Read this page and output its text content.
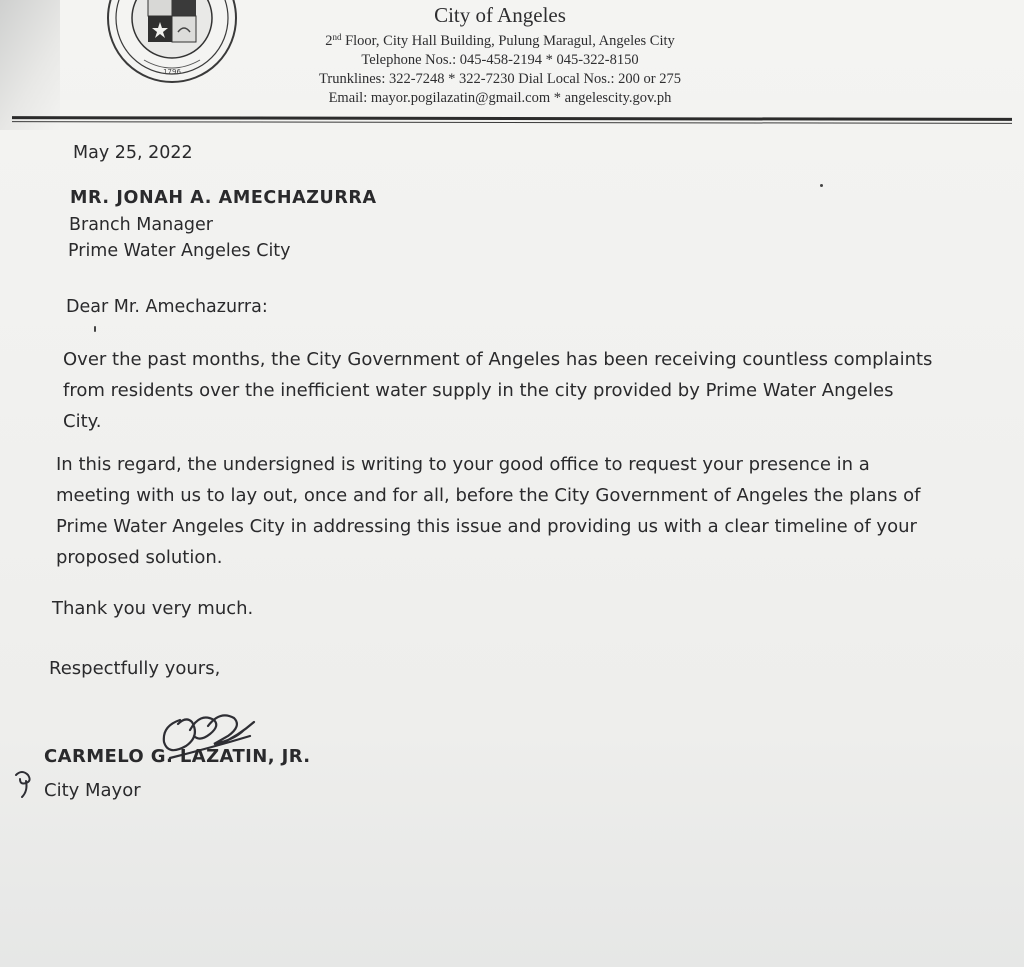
1796
City of Angeles
2nd Floor, City Hall Building, Pulung Maragul, Angeles City
Telephone Nos.: 045-458-2194 * 045-322-8150
Trunklines: 322-7248 * 322-7230 Dial Local Nos.: 200 or 275
Email: mayor.pogilazatin@gmail.com * angelescity.gov.ph
May 25, 2022
MR. JONAH A. AMECHAZURRA
Branch Manager
Prime Water Angeles City
Dear Mr. Amechazurra:
Over the past months, the City Government of Angeles has been receiving countless complaints
from residents over the inefficient water supply in the city provided by Prime Water Angeles
City.
In this regard, the undersigned is writing to your good office to request your presence in a
meeting with us to lay out, once and for all, before the City Government of Angeles the plans of
Prime Water Angeles City in addressing this issue and providing us with a clear timeline of your
proposed solution.
Thank you very much.
Respectfully yours,
CARMELO G. LAZATIN, JR.
City Mayor
